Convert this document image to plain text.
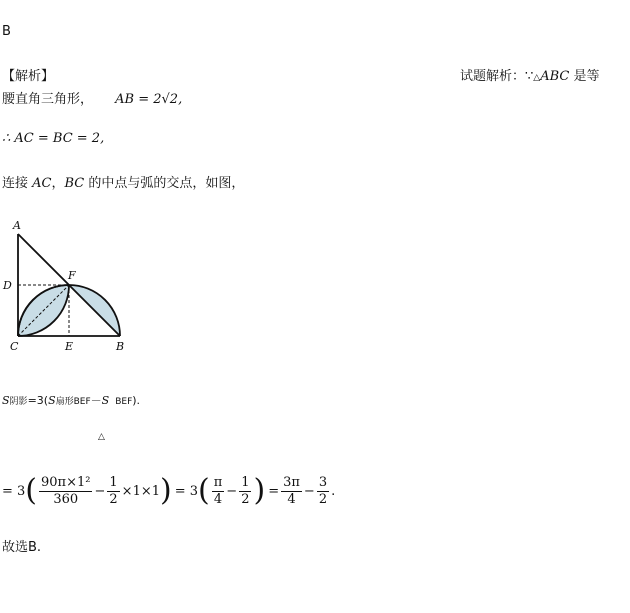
B
【解析】	试题解析：∵△ABC 是等
腰直角三角形， AB = 2√2,
∴ AC = BC = 2,
连接 AC，BC 的中点与弧的交点，如图，
A
D
F
C	E	B
S阴影=3(S扇形BEF－S BEF).
△
= 3 ( $\frac{\text{90π×1²}}{360} - \frac{1}{2} \times 1\times 1$ ) = 3 ( $\frac{\pi}{4} - \frac{1}{2}$ ) = $\frac{3\pi}{4} - \frac{3}{2}$ .
故选B.
